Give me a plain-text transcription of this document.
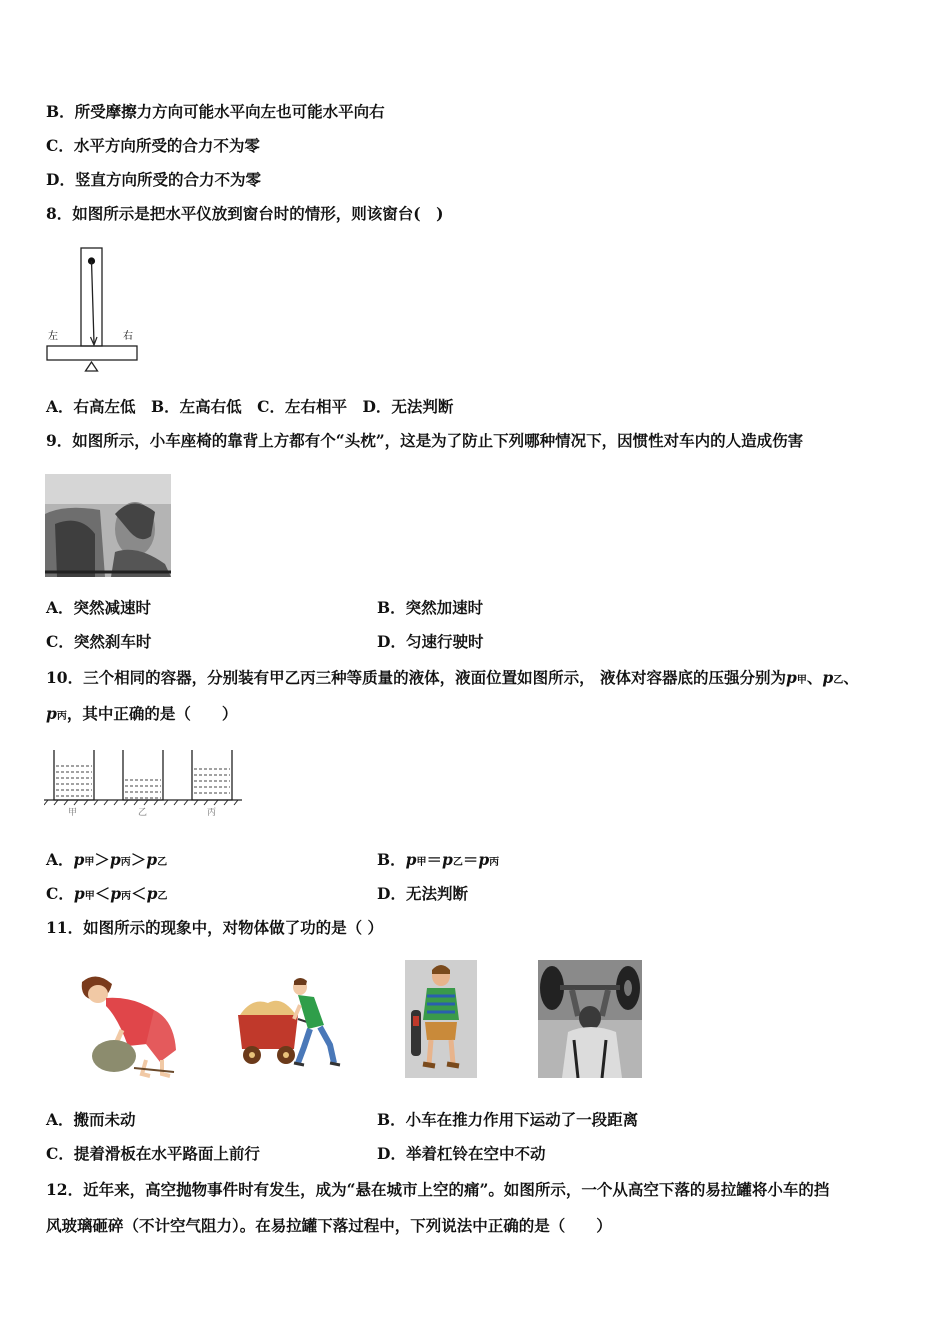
B．所受摩擦力方向可能水平向左也可能水平向右
C．水平方向所受的合力不为零
D．竖直方向所受的合力不为零
8．如图所示是把水平仪放到窗台时的情形，则该窗台(　)
左	右
A．右高左低　B．左高右低　C．左右相平　D．无法判断
9．如图所示，小车座椅的靠背上方都有个“头枕”，这是为了防止下列哪种情况下，因惯性对车内的人造成伤害
A．突然减速时	B．突然加速时
C．突然刹车时	D．匀速行驶时
10．三个相同的容器，分别装有甲乙丙三种等质量的液体，液面位置如图所示， 液体对容器底的压强分别为p甲、p乙、
p丙，其中正确的是（　　）
甲	乙	丙
A．p甲＞p丙＞p乙	B．p甲＝p乙＝p丙
C．p甲＜p丙＜p乙	D．无法判断
11．如图所示的现象中，对物体做了功的是（ ）
A．搬而未动	B．小车在推力作用下运动了一段距离
C．提着滑板在水平路面上前行	D．举着杠铃在空中不动
12．近年来，高空抛物事件时有发生，成为“悬在城市上空的痛”。如图所示，一个从高空下落的易拉罐将小车的挡
风玻璃砸碎（不计空气阻力）。在易拉罐下落过程中，下列说法中正确的是（　　）
